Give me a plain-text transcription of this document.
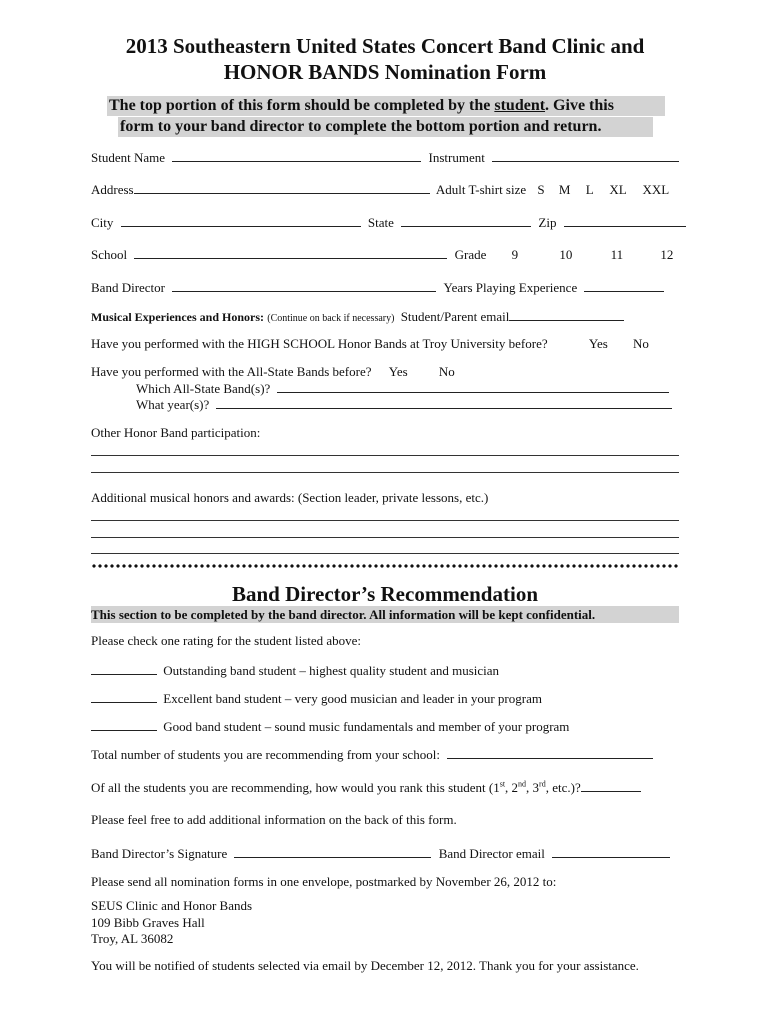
2013 Southeastern United States Concert Band Clinic and
HONOR BANDS Nomination Form
The top portion of this form should be completed by the student. Give this
form to your band director to complete the bottom portion and return.
Student Name	Instrument
Address	Adult T-shirt size S M L XL XXL
City	State	Zip
School	Grade 9	10	11	12
Band Director	Years Playing Experience
Musical Experiences and Honors: (Continue on back if necessary) Student/Parent email
Have you performed with the HIGH SCHOOL Honor Bands at Troy University before?	Yes No
Have you performed with the All-State Bands before? Yes No
Which All-State Band(s)?
What year(s)?
Other Honor Band participation:
Additional musical honors and awards: (Section leader, private lessons, etc.)
Band Director’s Recommendation
This section to be completed by the band director. All information will be kept confidential.
Please check one rating for the student listed above:
Outstanding band student – highest quality student and musician
Excellent band student – very good musician and leader in your program
Good band student – sound music fundamentals and member of your program
Total number of students you are recommending from your school:
Of all the students you are recommending, how would you rank this student (1st, 2nd, 3rd, etc.)?
Please feel free to add additional information on the back of this form.
Band Director’s Signature	Band Director email
Please send all nomination forms in one envelope, postmarked by November 26, 2012 to:
SEUS Clinic and Honor Bands
109 Bibb Graves Hall
Troy, AL 36082
You will be notified of students selected via email by December 12, 2012. Thank you for your assistance.
